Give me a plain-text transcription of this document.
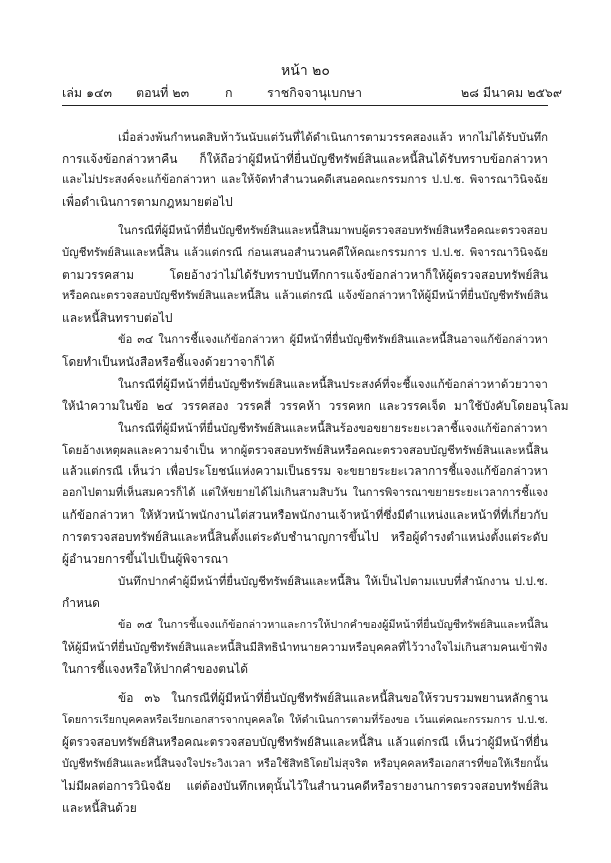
หน้า ๒๐
เล่ม ๑๔๓ ตอนที่ ๒๓	ก	ราชกิจจานุเบกษา	๒๘ มีนาคม ๒๕๖๙
เมื่อล่วงพ้นกำหนดสิบห้าวันนับแต่วันที่ได้ดำเนินการตามวรรคสองแล้ว หากไม่ได้รับบันทึก
การแจ้งข้อกล่าวหาคืน ก็ให้ถือว่าผู้มีหน้าที่ยื่นบัญชีทรัพย์สินและหนี้สินได้รับทราบข้อกล่าวหา
และไม่ประสงค์จะแก้ข้อกล่าวหา และให้จัดทำสำนวนคดีเสนอคณะกรรมการ ป.ป.ช. พิจารณาวินิจฉัย
เพื่อดำเนินการตามกฎหมายต่อไป
ในกรณีที่ผู้มีหน้าที่ยื่นบัญชีทรัพย์สินและหนี้สินมาพบผู้ตรวจสอบทรัพย์สินหรือคณะตรวจสอบ
บัญชีทรัพย์สินและหนี้สิน แล้วแต่กรณี ก่อนเสนอสำนวนคดีให้คณะกรรมการ ป.ป.ช. พิจารณาวินิจฉัย
ตามวรรคสาม	โดยอ้างว่าไม่ได้รับทราบบันทึกการแจ้งข้อกล่าวหาก็ให้ผู้ตรวจสอบทรัพย์สิน
หรือคณะตรวจสอบบัญชีทรัพย์สินและหนี้สิน แล้วแต่กรณี แจ้งข้อกล่าวหาให้ผู้มีหน้าที่ยื่นบัญชีทรัพย์สิน
และหนี้สินทราบต่อไป
ข้อ ๓๔ ในการชี้แจงแก้ข้อกล่าวหา ผู้มีหน้าที่ยื่นบัญชีทรัพย์สินและหนี้สินอาจแก้ข้อกล่าวหา
โดยทำเป็นหนังสือหรือชี้แจงด้วยวาจาก็ได้
ในกรณีที่ผู้มีหน้าที่ยื่นบัญชีทรัพย์สินและหนี้สินประสงค์ที่จะชี้แจงแก้ข้อกล่าวหาด้วยวาจา
ให้นำความในข้อ ๒๔ วรรคสอง วรรคสี่ วรรคห้า วรรคหก และวรรคเจ็ด มาใช้บังคับโดยอนุโลม
ในกรณีที่ผู้มีหน้าที่ยื่นบัญชีทรัพย์สินและหนี้สินร้องขอขยายระยะเวลาชี้แจงแก้ข้อกล่าวหา
โดยอ้างเหตุผลและความจำเป็น หากผู้ตรวจสอบทรัพย์สินหรือคณะตรวจสอบบัญชีทรัพย์สินและหนี้สิน
แล้วแต่กรณี เห็นว่า เพื่อประโยชน์แห่งความเป็นธรรม จะขยายระยะเวลาการชี้แจงแก้ข้อกล่าวหา
ออกไปตามที่เห็นสมควรก็ได้ แต่ให้ขยายได้ไม่เกินสามสิบวัน ในการพิจารณาขยายระยะเวลาการชี้แจง
แก้ข้อกล่าวหา ให้หัวหน้าพนักงานไต่สวนหรือพนักงานเจ้าหน้าที่ซึ่งมีตำแหน่งและหน้าที่ที่เกี่ยวกับ
การตรวจสอบทรัพย์สินและหนี้สินตั้งแต่ระดับชำนาญการขึ้นไป หรือผู้ดำรงตำแหน่งตั้งแต่ระดับ
ผู้อำนวยการขึ้นไปเป็นผู้พิจารณา
บันทึกปากคำผู้มีหน้าที่ยื่นบัญชีทรัพย์สินและหนี้สิน ให้เป็นไปตามแบบที่สำนักงาน ป.ป.ช.
กำหนด
ข้อ ๓๕ ในการชี้แจงแก้ข้อกล่าวหาและการให้ปากคำของผู้มีหน้าที่ยื่นบัญชีทรัพย์สินและหนี้สิน
ให้ผู้มีหน้าที่ยื่นบัญชีทรัพย์สินและหนี้สินมีสิทธินำทนายความหรือบุคคลที่ไว้วางใจไม่เกินสามคนเข้าฟัง
ในการชี้แจงหรือให้ปากคำของตนได้
ข้อ ๓๖ ในกรณีที่ผู้มีหน้าที่ยื่นบัญชีทรัพย์สินและหนี้สินขอให้รวบรวมพยานหลักฐาน
โดยการเรียกบุคคลหรือเรียกเอกสารจากบุคคลใด ให้ดำเนินการตามที่ร้องขอ เว้นแต่คณะกรรมการ ป.ป.ช.
ผู้ตรวจสอบทรัพย์สินหรือคณะตรวจสอบบัญชีทรัพย์สินและหนี้สิน แล้วแต่กรณี เห็นว่าผู้มีหน้าที่ยื่น
บัญชีทรัพย์สินและหนี้สินจงใจประวิงเวลา หรือใช้สิทธิโดยไม่สุจริต หรือบุคคลหรือเอกสารที่ขอให้เรียกนั้น
ไม่มีผลต่อการวินิจฉัย แต่ต้องบันทึกเหตุนั้นไว้ในสำนวนคดีหรือรายงานการตรวจสอบทรัพย์สิน
และหนี้สินด้วย
